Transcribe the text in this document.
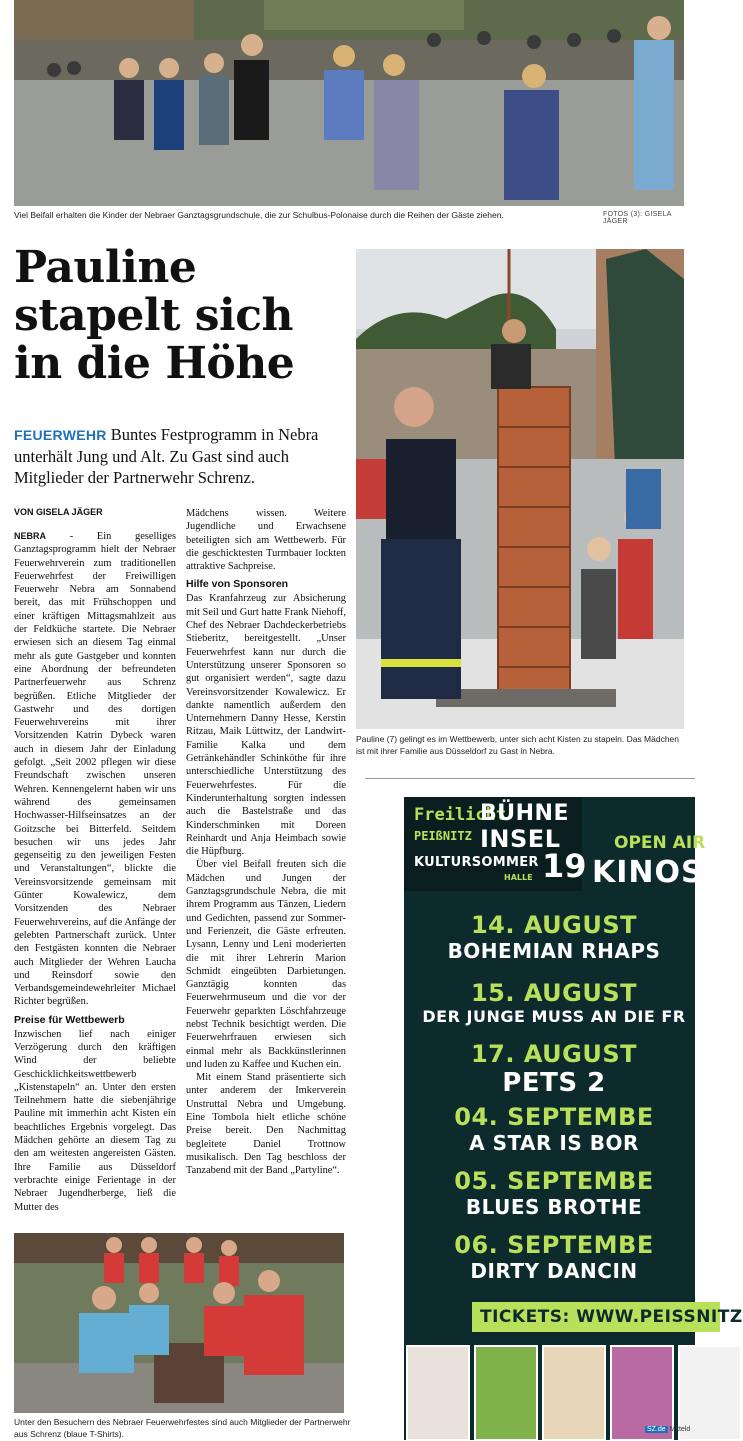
Viel Beifall erhalten die Kinder der Nebraer Ganztagsgrundschule, die zur Schulbus-Polonaise durch die Reihen der Gäste ziehen.	FOTOS (3): GISELA JÄGER
Pauline stapelt sich in die Höhe
FEUERWEHR Buntes Festprogramm in Nebra unterhält Jung und Alt. Zu Gast sind auch Mitglieder der Partnerwehr Schrenz.
VON GISELA JÄGER

NEBRA - Ein geselliges Ganztagsprogramm hielt der Nebraer Feuerwehrverein zum traditionellen Feuerwehrfest der Freiwilligen Feuerwehr Nebra am Sonnabend bereit, das mit Frühschoppen und einer kräftigen Mittagsmahlzeit aus der Feldküche startete. Die Nebraer erwiesen sich an diesem Tag einmal mehr als gute Gastgeber und konnten eine Abordnung der befreundeten Partnerfeuerwehr aus Schrenz begrüßen. Etliche Mitglieder der Gastwehr und des dortigen Feuerwehrvereins mit ihrer Vorsitzenden Katrin Dybeck waren auch in diesem Jahr der Einladung gefolgt. „Seit 2002 pflegen wir diese Freundschaft zwischen unseren Wehren. Kennengelernt haben wir uns während des gemeinsamen Hochwasser-Hilfseinsatzes an der Goitzsche bei Bitterfeld. Seitdem besuchen wir uns jedes Jahr gegenseitig zu den jeweiligen Festen und Veranstaltungen“, blickte die Vereinsvorsitzende gemeinsam mit Günter Kowalewicz, dem Vorsitzenden des Nebraer Feuerwehrvereins, auf die Anfänge der gelebten Partnerschaft zurück. Unter den Festgästen konnten die Nebraer auch Mitglieder der Wehren Laucha und Reinsdorf sowie den Verbandsgemeindewehrleiter Michael Richter begrüßen.

Preise für Wettbewerb

Inzwischen lief nach einiger Verzögerung durch den kräftigen Wind der beliebte Geschicklichkeitswettbewerb „Kistenstapeln“ an. Unter den ersten Teilnehmern hatte die siebenjährige Pauline mit immerhin acht Kisten ein beachtliches Ergebnis vorgelegt. Das Mädchen gehörte an diesem Tag zu den am weitesten angereisten Gästen. Ihre Familie aus Düsseldorf verbrachte einige Ferientage in der Nebraer Jugendherberge, ließ die Mutter des

Mädchens wissen. Weitere Jugendliche und Erwachsene beteiligten sich am Wettbewerb. Für die geschicktesten Turmbauer lockten attraktive Sachpreise.

Hilfe von Sponsoren

Das Kranfahrzeug zur Absicherung mit Seil und Gurt hatte Frank Niehoff, Chef des Nebraer Dachdeckerbetriebs Stieberitz, bereitgestellt. „Unser Feuerwehrfest kann nur durch die Unterstützung unserer Sponsoren so gut organisiert werden“, sagte dazu Vereinsvorsitzender Kowalewicz. Er dankte namentlich außerdem den Unternehmern Danny Hesse, Kerstin Ritzau, Maik Lüttwitz, der Landwirt-Familie Kalka und dem Getränkehändler Schinköthe für ihre unterschiedliche Unterstützung des Feuerwehrfestes. Für die Kinderunterhaltung sorgten indessen auch die Bastelstraße und das Kinderschminken mit Doreen Reinhardt und Anja Heimbach sowie die Hüpfburg.

Über viel Beifall freuten sich die Mädchen und Jungen der Ganztagsgrundschule Nebra, die mit ihrem Programm aus Tänzen, Liedern und Gedichten, passend zur Sommer- und Ferienzeit, die Gäste erfreuten. Lysann, Lenny und Leni moderierten die mit ihrer Lehrerin Marion Schmidt eingeübten Darbietungen. Ganztägig konnten das Feuerwehrmuseum und die vor der Feuerwehr geparkten Löschfahrzeuge nebst Technik besichtigt werden. Die Feuerwehrfrauen erwiesen sich einmal mehr als Backkünstlerinnen und luden zu Kaffee und Kuchen ein.

Mit einem Stand präsentierte sich unter anderem der Imkerverein Unstruttal Nebra und Umgebung. Eine Tombola hielt etliche schöne Preise bereit. Den Nachmittag begleitete Daniel Trottnow musikalisch. Den Tag beschloss der Tanzabend mit der Band „Partyline“.

Pauline (7) gelingt es im Wettbewerb, unter sich acht Kisten zu stapeln. Das Mädchen ist mit ihrer Familie aus Düsseldorf zu Gast in Nebra.
Unter den Besuchern des Nebraer Feuerwehrfestes sind auch Mitglieder der Partnerwehr aus Schrenz (blaue T-Shirts).
Freilicht
BÜHNE
PEIßNITZ INSEL
KULTURSOMMER
HALLE 19
OPEN AIR
KINOS
14. AUGUST
BOHEMIAN RHAPS
15. AUGUST
DER JUNGE MUSS AN DIE FR
17. AUGUST
PETS 2
04. SEPTEMBE
A STAR IS BOR
05. SEPTEMBE
BLUES BROTHE
06. SEPTEMBE
DIRTY DANCIN
TICKETS: WWW.PEISSNITZ
SZ.de Mitteld
